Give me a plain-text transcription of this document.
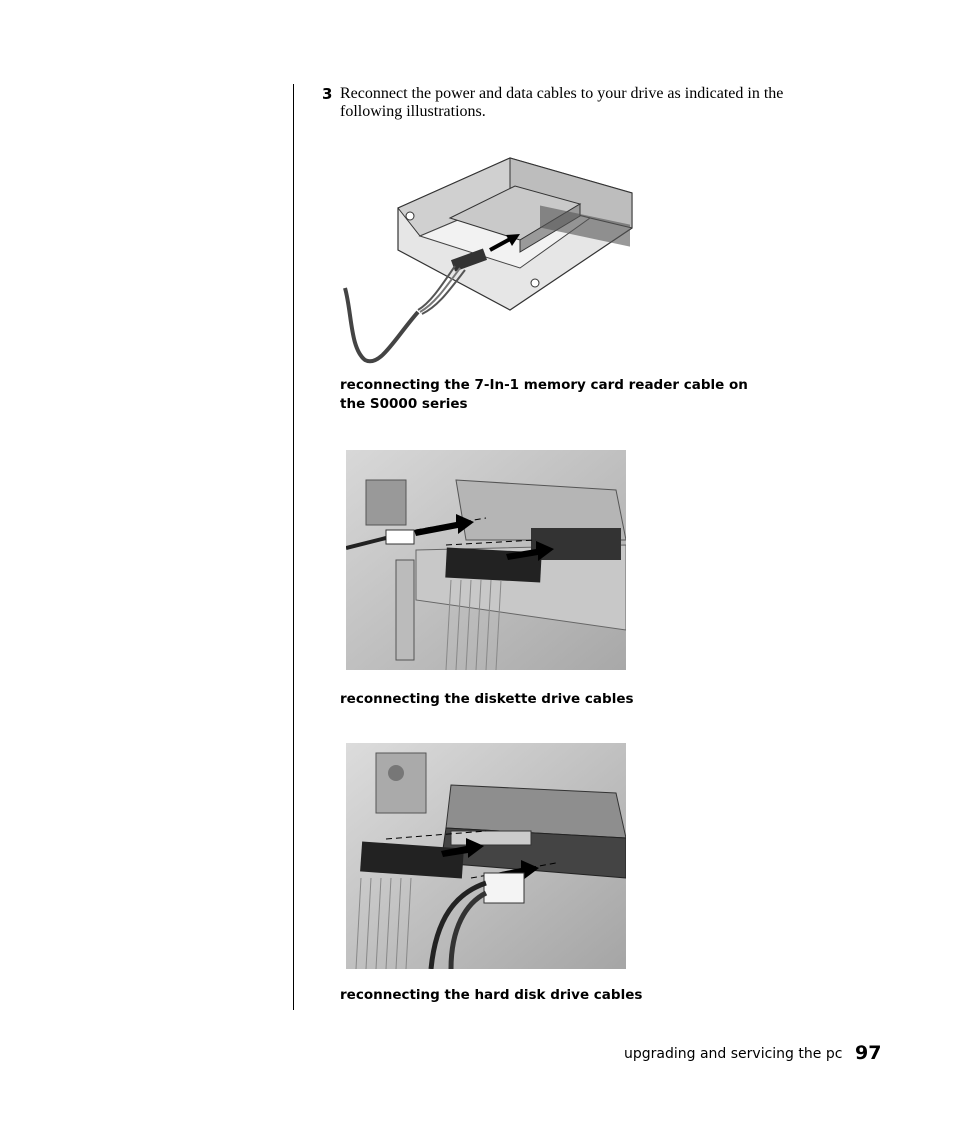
3 Reconnect the power and data cables to your drive as indicated in the following illustrations.
reconnecting the 7-In-1 memory card reader cable on
the S0000 series
reconnecting the diskette drive cables
reconnecting the hard disk drive cables
upgrading and servicing the pc 97
